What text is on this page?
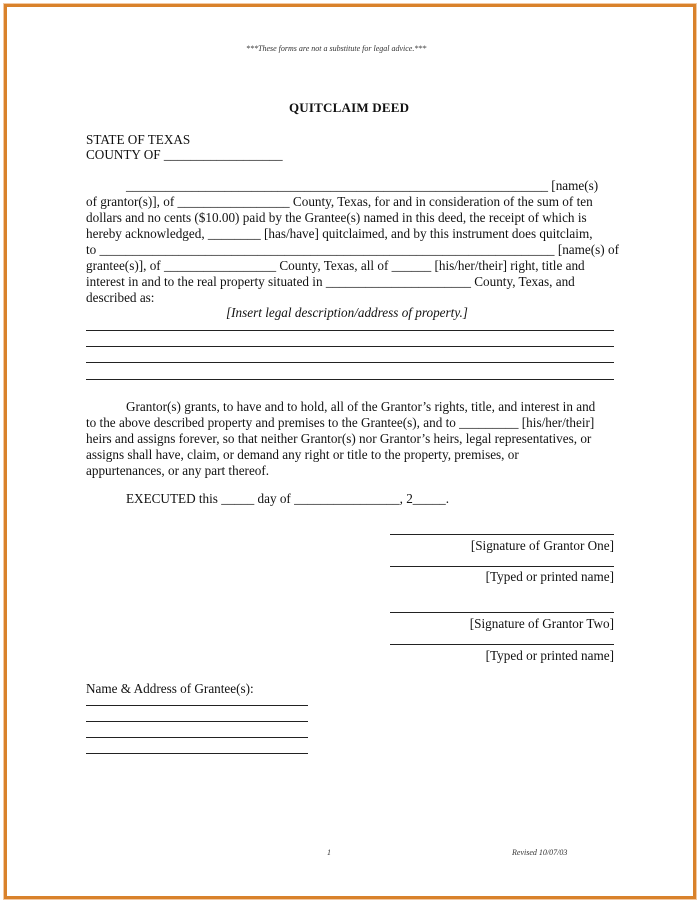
***These forms are not a substitute for legal advice.***
QUITCLAIM DEED
STATE OF TEXAS
COUNTY OF __________________
________________________________________________________________ [name(s)
of grantor(s)], of _________________ County, Texas, for and in consideration of the sum of ten
dollars and no cents ($10.00) paid by the Grantee(s) named in this deed, the receipt of which is
hereby acknowledged, ________ [has/have] quitclaimed, and by this instrument does quitclaim,
to _____________________________________________________________________ [name(s) of
grantee(s)], of _________________ County, Texas, all of ______ [his/her/their] right, title and
interest in and to the real property situated in ______________________ County, Texas, and
described as:
[Insert legal description/address of property.]
Grantor(s) grants, to have and to hold, all of the Grantor’s rights, title, and interest in and
to the above described property and premises to the Grantee(s), and to _________ [his/her/their]
heirs and assigns forever, so that neither Grantor(s) nor Grantor’s heirs, legal representatives, or
assigns shall have, claim, or demand any right or title to the property, premises, or
appurtenances, or any part thereof.
EXECUTED this _____ day of ________________, 2_____.
[Signature of Grantor One]
[Typed or printed name]
[Signature of Grantor Two]
[Typed or printed name]
Name & Address of Grantee(s):
1	Revised 10/07/03
